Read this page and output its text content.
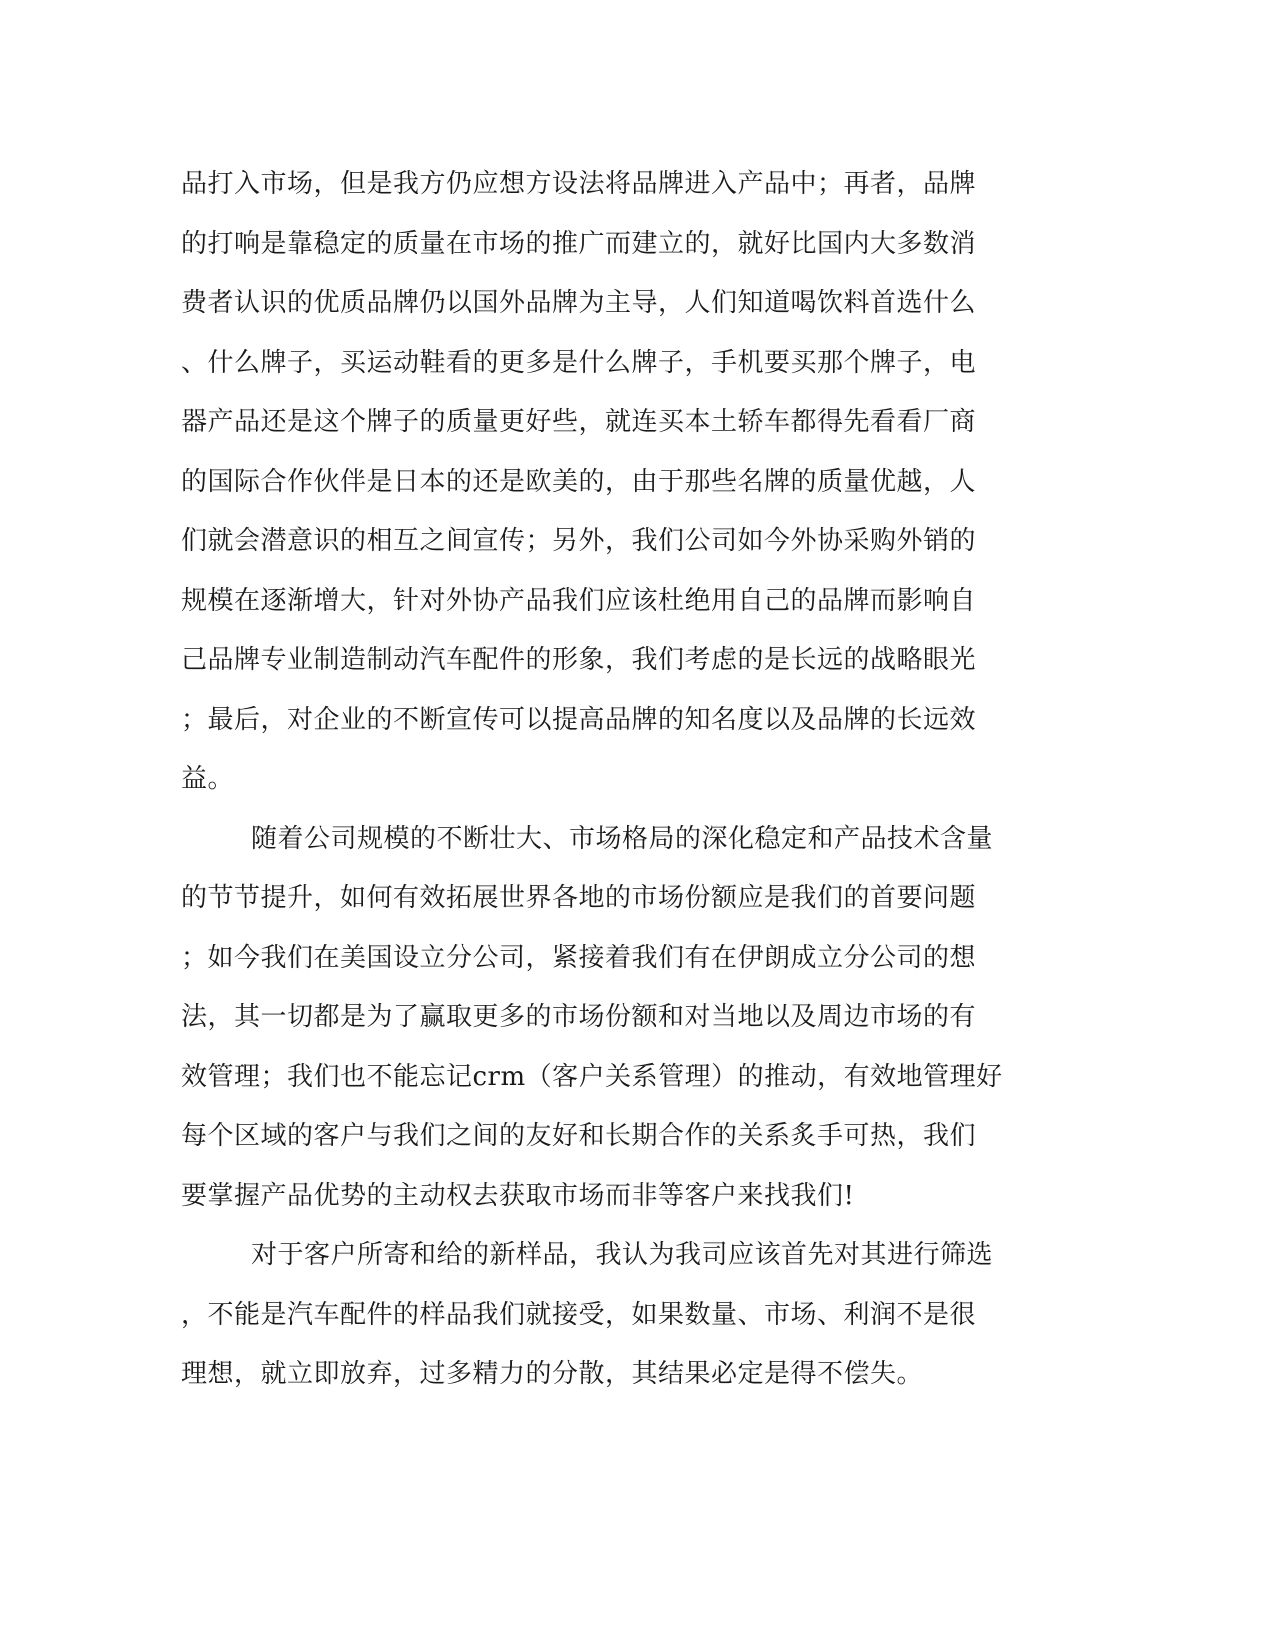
品打入市场，但是我方仍应想方设法将品牌进入产品中；再者，品牌
的打响是靠稳定的质量在市场的推广而建立的，就好比国内大多数消
费者认识的优质品牌仍以国外品牌为主导，人们知道喝饮料首选什么
、什么牌子，买运动鞋看的更多是什么牌子，手机要买那个牌子，电
器产品还是这个牌子的质量更好些，就连买本土轿车都得先看看厂商
的国际合作伙伴是日本的还是欧美的，由于那些名牌的质量优越，人
们就会潜意识的相互之间宣传；另外，我们公司如今外协采购外销的
规模在逐渐增大，针对外协产品我们应该杜绝用自己的品牌而影响自
己品牌专业制造制动汽车配件的形象，我们考虑的是长远的战略眼光
；最后，对企业的不断宣传可以提高品牌的知名度以及品牌的长远效
益。
随着公司规模的不断壮大、市场格局的深化稳定和产品技术含量
的节节提升，如何有效拓展世界各地的市场份额应是我们的首要问题
；如今我们在美国设立分公司，紧接着我们有在伊朗成立分公司的想
法，其一切都是为了赢取更多的市场份额和对当地以及周边市场的有
效管理；我们也不能忘记crm（客户关系管理）的推动，有效地管理好
每个区域的客户与我们之间的友好和长期合作的关系炙手可热，我们
要掌握产品优势的主动权去获取市场而非等客户来找我们!
对于客户所寄和给的新样品，我认为我司应该首先对其进行筛选
，不能是汽车配件的样品我们就接受，如果数量、市场、利润不是很
理想，就立即放弃，过多精力的分散，其结果必定是得不偿失。
